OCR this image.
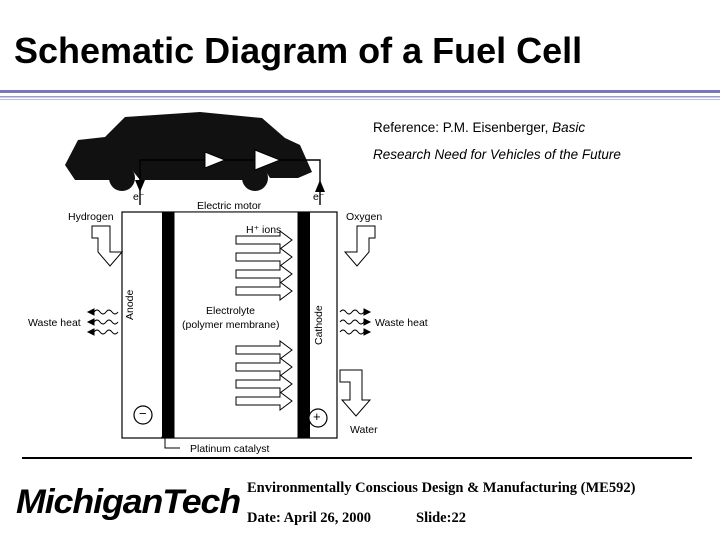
Schematic Diagram of a Fuel Cell
Reference: P.M. Eisenberger, Basic
Research Need for Vehicles of the Future
e⁻	e⁻
Electric motor
Hydrogen	Oxygen
H⁺ ions
Waste heat	Waste heat
Anode
Cathode
Electrolyte
(polymer membrane)
Water
−	+
Platinum catalyst
MichiganTech Environmentally Conscious Design & Manufacturing (ME592)
Date: April 26, 2000	Slide:22
